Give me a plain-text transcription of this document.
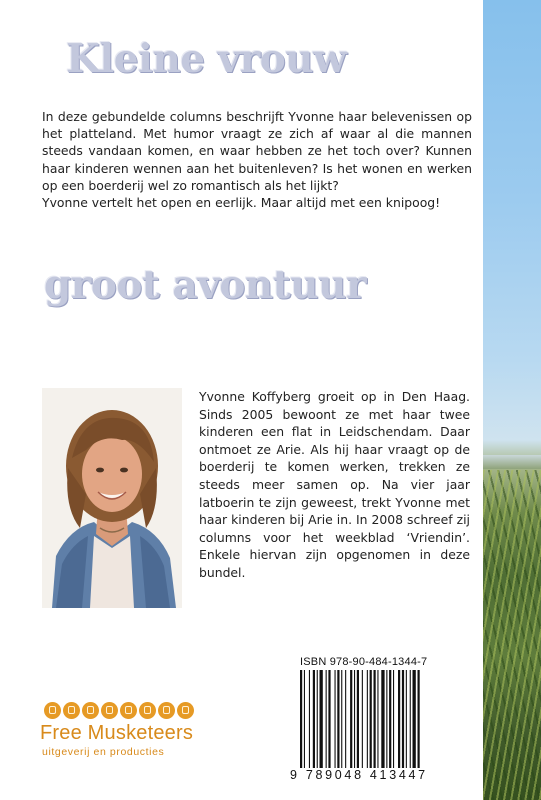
Kleine vrouw

In deze gebundelde columns beschrijft Yvonne haar belevenissen op het platteland. Met humor vraagt ze zich af waar al die mannen steeds vandaan komen, en waar hebben ze het toch over? Kunnen haar kinderen wennen aan het buitenleven? Is het wonen en werken op een boerderij wel zo romantisch als het lijkt?

Yvonne vertelt het open en eerlijk. Maar altijd met een knipoog!

groot avontuur

Yvonne Koffyberg groeit op in Den Haag. Sinds 2005 bewoont ze met haar twee kinderen een flat in Leidschendam. Daar ontmoet ze Arie. Als hij haar vraagt op de boerderij te komen werken, trekken ze steeds meer samen op. Na vier jaar latboerin te zijn geweest, trekt Yvonne met haar kinderen bij Arie in. In 2008 schreef zij columns voor het weekblad ‘Vriendin’. Enkele hiervan zijn opgenomen in deze bundel.

ISBN 978-90-484-1344-7
9 789048 413447
Free Musketeers
uitgeverij en producties
